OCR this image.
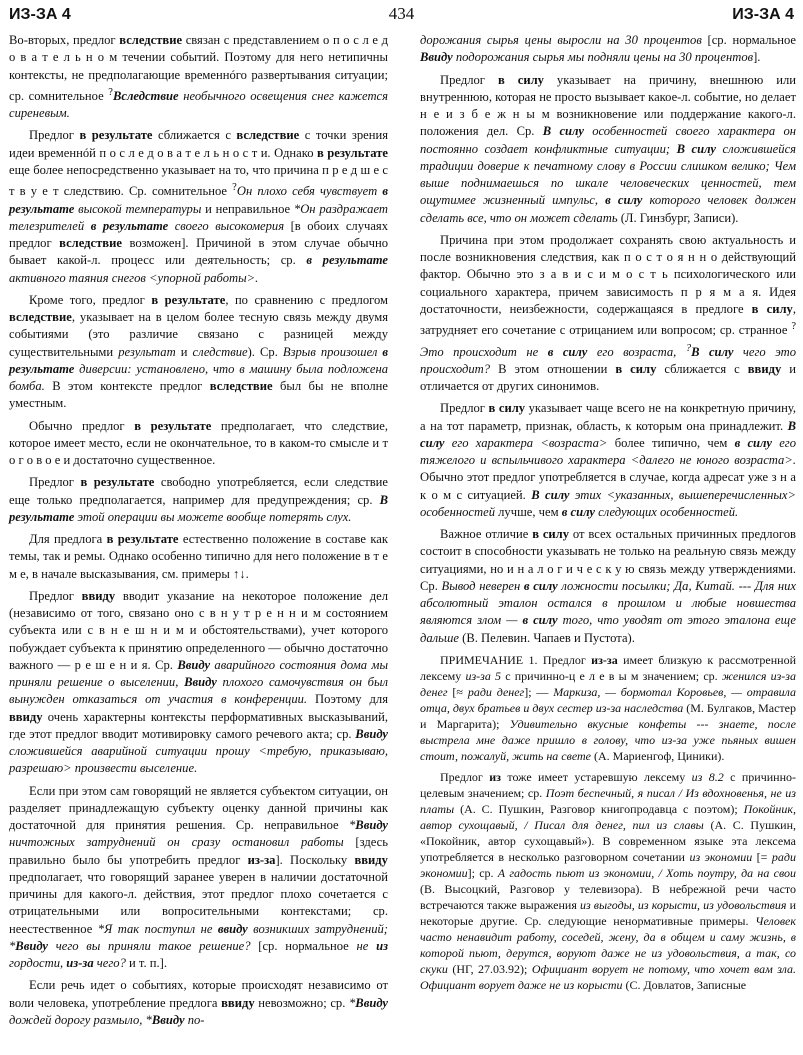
ИЗ-ЗА 4	434	ИЗ-ЗА 4

Во-вторых, предлог вследствие связан с представлением о п о с л е д о в а т е л ь н о м течении событий. Поэтому для него нетипичны контексты, не предполагающие временнóго развертывания ситуации; ср. сомнительное ?Вследствие необычного освещения снег кажется сиреневым.

Предлог в результате сближается с вследствие с точки зрения идеи временнóй п о с л е д о в а т е л ь н о с т и. Однако в результате еще более непосредственно указывает на то, что причина п р е д ш е с т в у е т следствию. Ср. сомнительное ?Он плохо себя чувствует в результате высокой температуры и неправильное *Он раздражает телезрителей в результате своего высокомерия [в обоих случаях предлог вследствие возможен]. Причиной в этом случае обычно бывает какой-л. процесс или деятельность; ср. в результате активного таяния снегов <упорной работы>.

Кроме того, предлог в результате, по сравнению с предлогом вследствие, указывает на в целом более тесную связь между двумя событиями (это различие связано с разницей между существительными результат и следствие). Ср. Взрыв произошел в результате диверсии: установлено, что в машину была подложена бомба. В этом контексте предлог вследствие был бы не вполне уместным.

Обычно предлог в результате предполагает, что следствие, которое имеет место, если не окончательное, то в каком-то смысле и т о г о в о е и достаточно существенное.

Предлог в результате свободно употребляется, если следствие еще только предполагается, например для предупреждения; ср. В результате этой операции вы можете вообще потерять слух.

Для предлога в результате естественно положение в составе как темы, так и ремы. Однако особенно типично для него положение в т е м е, в начале высказывания, см. примеры ↑↓.

Предлог ввиду вводит указание на некоторое положение дел (независимо от того, связано оно с в н у т р е н н и м состоянием субъекта или с в н е ш н и м и обстоятельствами), учет которого побуждает субъекта к принятию определенного — обычно достаточно важного — р е ш е н и я. Ср. Ввиду аварийного состояния дома мы приняли решение о выселении, Ввиду плохого самочувствия он был вынужден отказаться от участия в конференции. Поэтому для ввиду очень характерны контексты перформативных высказываний, где этот предлог вводит мотивировку самого речевого акта; ср. Ввиду сложившейся аварийной ситуации прошу <требую, приказываю, разрешаю> произвести выселение.

Если при этом сам говорящий не является субъектом ситуации, он разделяет принадлежащую субъекту оценку данной причины как достаточной для принятия решения. Ср. неправильное *Ввиду ничтожных затруднений он сразу остановил работы [здесь правильно было бы употребить предлог из-за]. Поскольку ввиду предполагает, что говорящий заранее уверен в наличии достаточной причины для какого-л. действия, этот предлог плохо сочетается с отрицательными или вопросительными контекстами; ср. неестественное *Я так поступил не ввиду возникших затруднений; *Ввиду чего вы приняли такое решение? [ср. нормальное не из гордости, из-за чего? и т. п.].

Если речь идет о событиях, которые происходят независимо от воли человека, употребление предлога ввиду невозможно; ср. *Ввиду дождей дорогу размыло, *Ввиду по-

дорожания сырья цены выросли на 30 процентов [ср. нормальное Ввиду подорожания сырья мы подняли цены на 30 процентов].

Предлог в силу указывает на причину, внешнюю или внутреннюю, которая не просто вызывает какое-л. событие, но делает н е и з б е ж н ы м возникновение или поддержание какого-л. положения дел. Ср. В силу особенностей своего характера он постоянно создает конфликтные ситуации; В силу сложившейся традиции доверие к печатному слову в России слишком велико; Чем выше поднимаешься по шкале человеческих ценностей, тем ощутимее жизненный импульс, в силу которого человек должен сделать все, что он может сделать (Л. Гинзбург, Записи).

Причина при этом продолжает сохранять свою актуальность и после возникновения следствия, как п о с т о я н н о действующий фактор. Обычно это з а в и с и м о с т ь психологического или социального характера, причем зависимость п р я м а я. Идея достаточности, неизбежности, содержащаяся в предлоге в силу, затрудняет его сочетание с отрицанием или вопросом; ср. странное ?Это происходит не в силу его возраста, ?В силу чего это происходит? В этом отношении в силу сближается с ввиду и отличается от других синонимов.

Предлог в силу указывает чаще всего не на конкретную причину, а на тот параметр, признак, область, к которым она принадлежит. В силу его характера <возраста> более типично, чем в силу его тяжелого и вспыльчивого характера <далего не юного возраста>. Обычно этот предлог употребляется в случае, когда адресат уже з н а к о м с ситуацией. В силу этих <указанных, вышеперечисленных> особенностей лучше, чем в силу следующих особенностей.

Важное отличие в силу от всех остальных причинных предлогов состоит в способности указывать не только на реальную связь между ситуациями, но и н а л о г и ч е с к у ю связь между утверждениями. Ср. Вывод неверен в силу ложности посылки; Да, Китай. --- Для них абсолютный эталон остался в прошлом и любые новшества являются злом — в силу того, что уводят от этого эталона еще дальше (В. Пелевин. Чапаев и Пустота).

ПРИМЕЧАНИЕ 1. Предлог из-за имеет близкую к рассмотренной лексему из-за 5 с причинно-ц е л е в ы м значением; ср. женился из-за денег [≈ ради денег]; — Маркиза, — бормотал Коровьев, — отравила отца, двух братьев и двух сестер из-за наследства (М. Булгаков, Мастер и Маргарита); Удивительно вкусные конфеты --- знаете, после выстрела мне даже пришло в голову, что из-за уже пьяных вишен стоит, пожалуй, жить на свете (А. Мариенгоф, Циники).

Предлог из тоже имеет устаревшую лексему из 8.2 с причинно-целевым значением; ср. Поэт беспечный, я писал / Из вдохновенья, не из платы (А. С. Пушкин, Разговор книгопродавца с поэтом); Покойник, автор сухощавый, / Писал для денег, пил из славы (А. С. Пушкин, «Покойник, автор сухощавый»). В современном языке эта лексема употребляется в несколько разговорном сочетании из экономии [= ради экономии]; ср. А гадость пьют из экономии, / Хоть поутру, да на свои (В. Высоцкий, Разговор у телевизора). В небрежной речи часто встречаются также выражения из выгоды, из корысти, из удовольствия и некоторые другие. Ср. следующие ненормативные примеры. Человек часто ненавидит работу, соседей, жену, да в общем и саму жизнь, в которой пьют, дерутся, воруют даже не из удовольствия, а так, со скуки (НГ, 27.03.92); Официант ворует не потому, что хочет вам зла. Официант ворует даже не из корысти (С. Довлатов, Записные
